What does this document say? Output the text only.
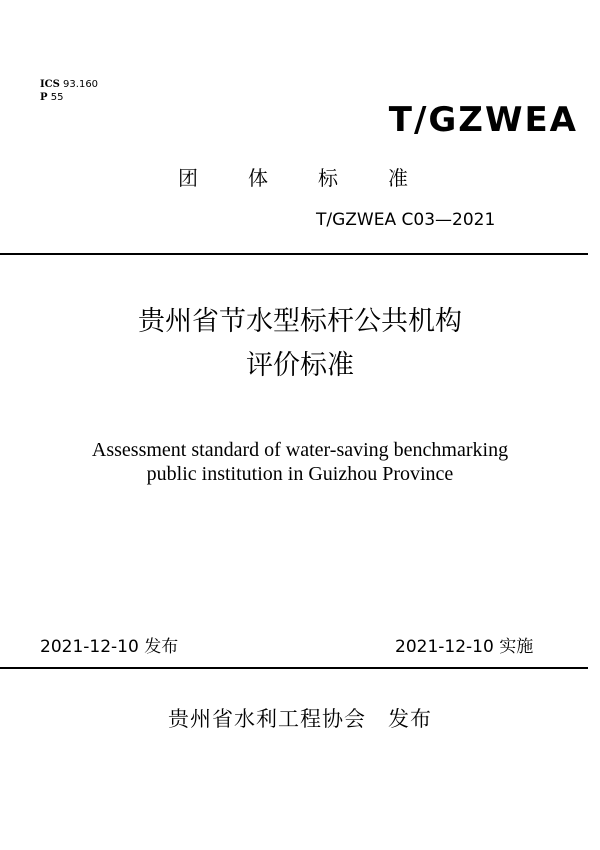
ICS 93.160
P 55
T/GZWEA
团	体	标	准
T/GZWEA C03—2021
贵州省节水型标杆公共机构
评价标准
Assessment standard of water-saving benchmarking
public institution in Guizhou Province
2021-12-10 发布	2021-12-10 实施
贵州省水利工程协会　发布
